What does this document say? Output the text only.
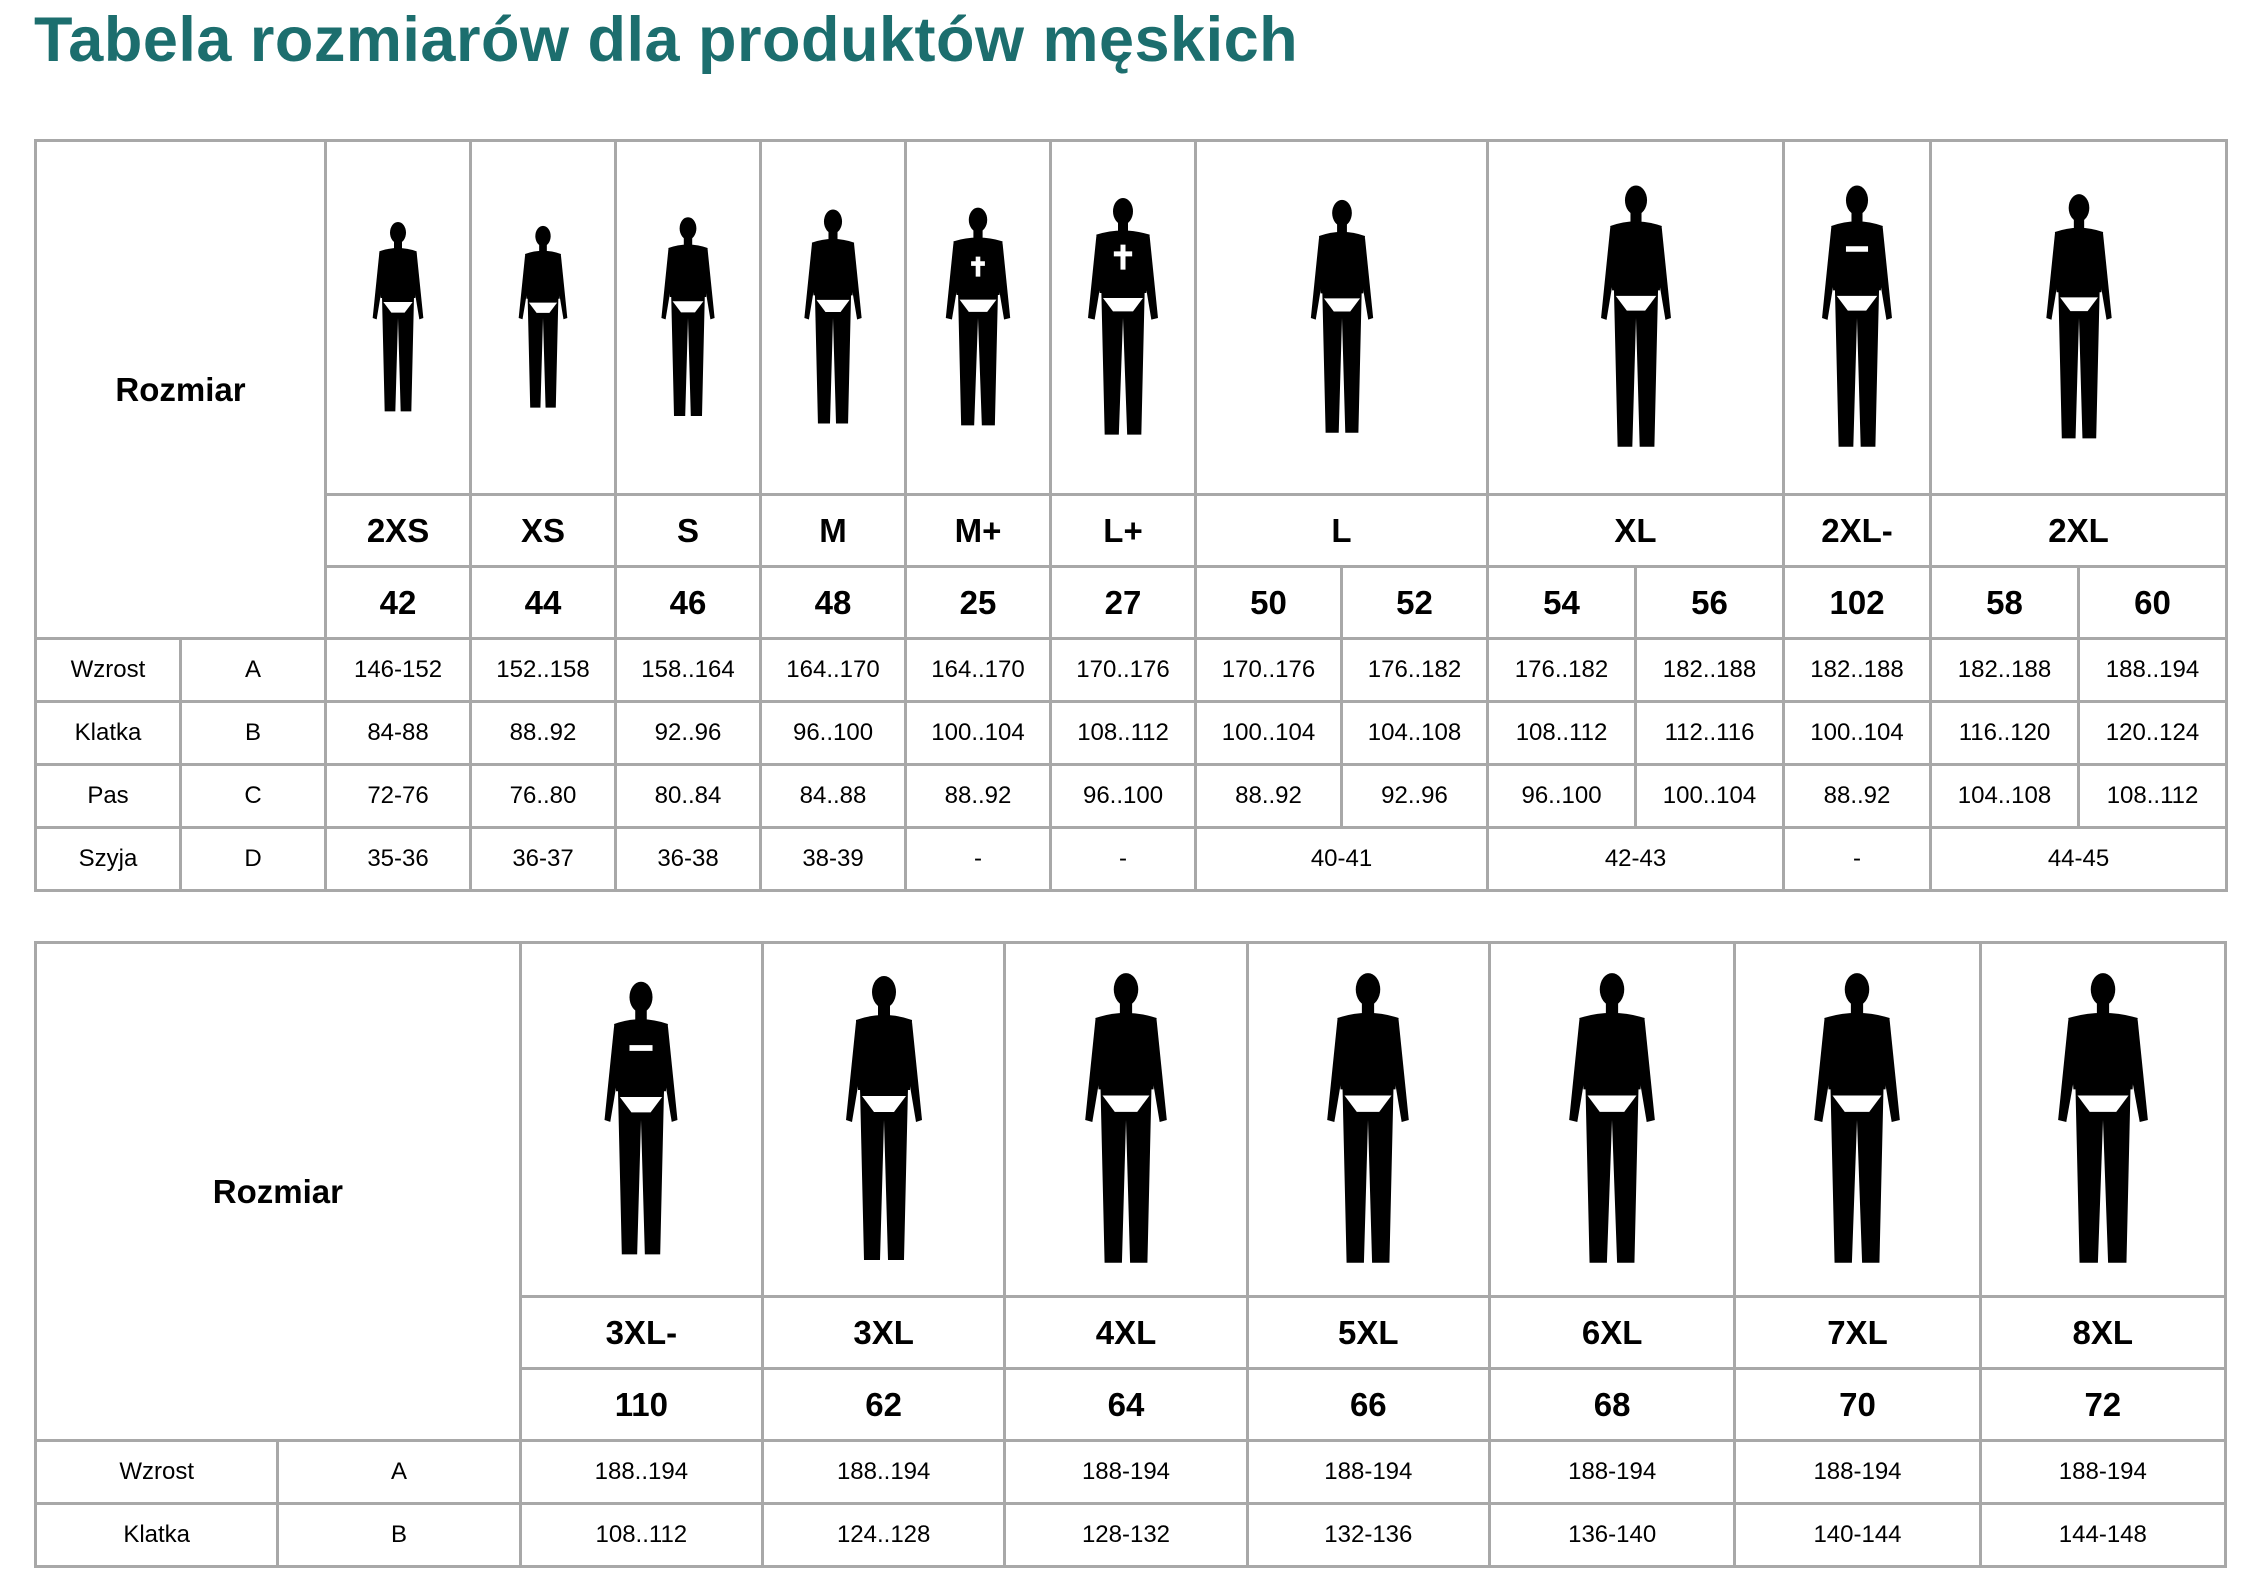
Tabela rozmiarów dla produktów męskich
Rozmiar	

		2XS	XS	S	M	M+	L+	L		XL		2XL-	2XL	
		42	44	46	48	25	27	50	52	54	56	102	58	60
Wzrost	A	146-152	152..158	158..164	164..170	164..170	170..176	170..176	176..182	176..182	182..188	182..188	182..188	188..194
Klatka	B	84-88	88..92	92..96	96..100	100..104	108..112	100..104	104..108	108..112	112..116	100..104	116..120	120..124
Pas	C	72-76	76..80	80..84	84..88	88..92	96..100	88..92	92..96	96..100	100..104	88..92	104..108	108..112
Szyja	D	35-36	36-37	36-38	38-39	-	-	40-41		42-43		-	44-45	
Rozmiar	

		3XL-	3XL	4XL	5XL	6XL	7XL	8XL
		110	62	64	66	68	70	72
Wzrost	A	188..194	188..194	188-194	188-194	188-194	188-194	188-194
Klatka	B	108..112	124..128	128-132	132-136	136-140	140-144	144-148
